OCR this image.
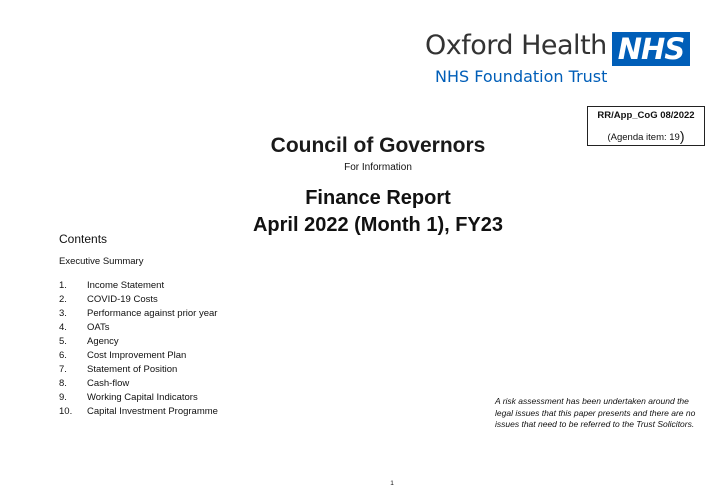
Oxford Health
NHS Foundation Trust
NHS
RR/App_CoG 08/2022
(Agenda item: 19)
Council of Governors
For Information
Finance Report
April 2022 (Month 1), FY23
Contents
Executive Summary
1. Income Statement
2. COVID-19 Costs
3. Performance against prior year
4. OATs
5. Agency
6. Cost Improvement Plan
7. Statement of Position
8. Cash-flow
9. Working Capital Indicators
10. Capital Investment Programme
A risk assessment has been undertaken around the legal issues that this paper presents and there are no issues that need to be referred to the Trust Solicitors.
1
